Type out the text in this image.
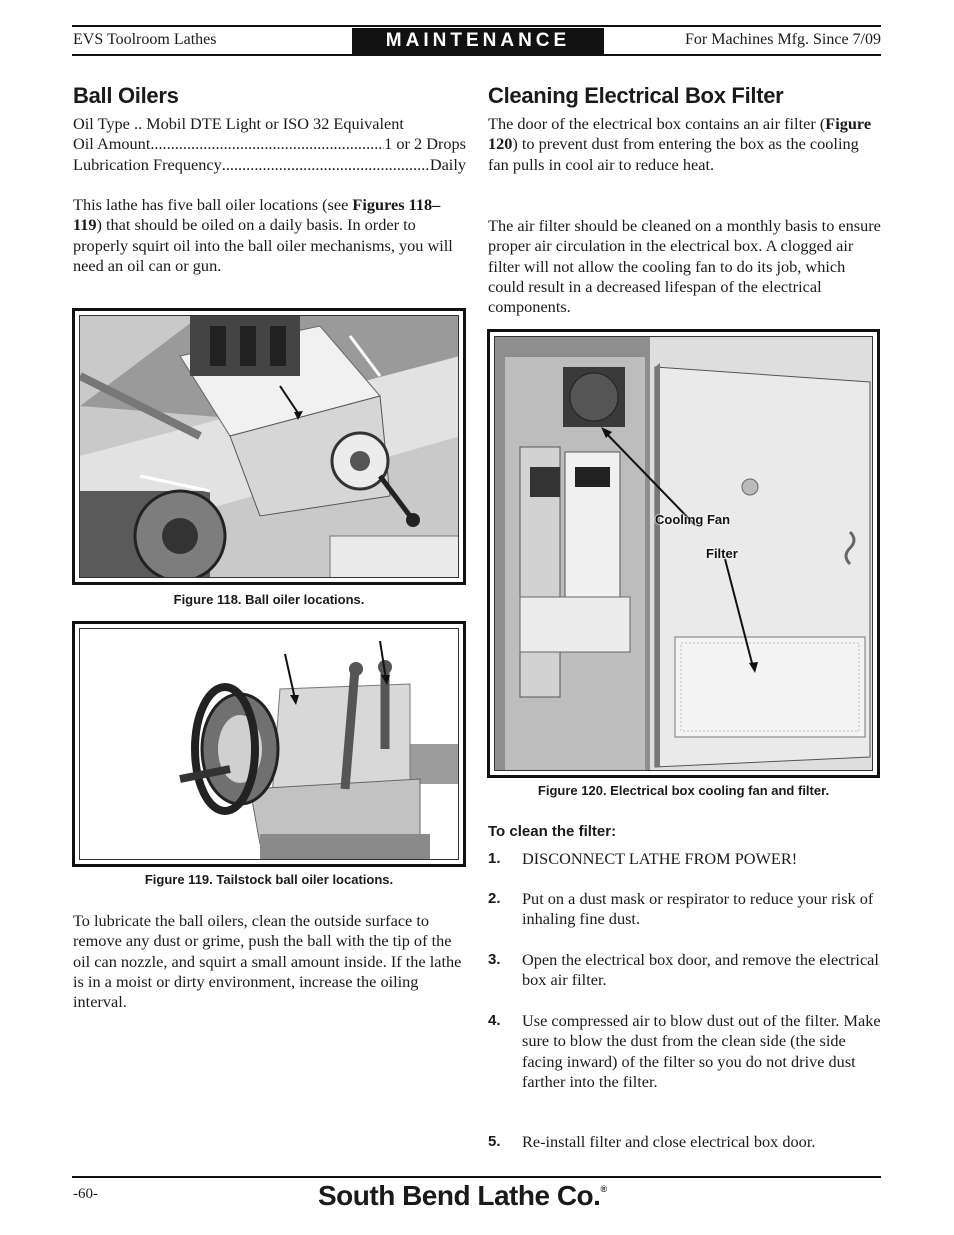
EVS Toolroom Lathes	MAINTENANCE	For Machines Mfg. Since 7/09
Ball Oilers
Oil Type .. Mobil DTE Light or ISO 32 Equivalent
Oil Amount .....	1 or 2 Drops
Lubrication Frequency .....	Daily

This lathe has five ball oiler locations (see Figures 118–119) that should be oiled on a daily basis. In order to properly squirt oil into the ball oiler mechanisms, you will need an oil can or gun.

Figure 118. Ball oiler locations.
Figure 119. Tailstock ball oiler locations.

To lubricate the ball oilers, clean the outside surface to remove any dust or grime, push the ball with the tip of the oil can nozzle, and squirt a small amount inside. If the lathe is in a moist or dirty environment, increase the oiling interval.

Cleaning Electrical Box Filter

The door of the electrical box contains an air filter (Figure 120) to prevent dust from entering the box as the cooling fan pulls in cool air to reduce heat.

The air filter should be cleaned on a monthly basis to ensure proper air circulation in the electrical box. A clogged air filter will not allow the cooling fan to do its job, which could result in a decreased lifespan of the electrical components.

Cooling Fan
Filter
Figure 120. Electrical box cooling fan and filter.
To clean the filter:
1. DISCONNECT LATHE FROM POWER!
2. Put on a dust mask or respirator to reduce your risk of inhaling fine dust.
3. Open the electrical box door, and remove the electrical box air filter.
4. Use compressed air to blow dust out of the filter. Make sure to blow the dust from the clean side (the side facing inward) of the filter so you do not drive dust farther into the filter.
5. Re-install filter and close electrical box door.
-60-	South Bend Lathe Co.®
